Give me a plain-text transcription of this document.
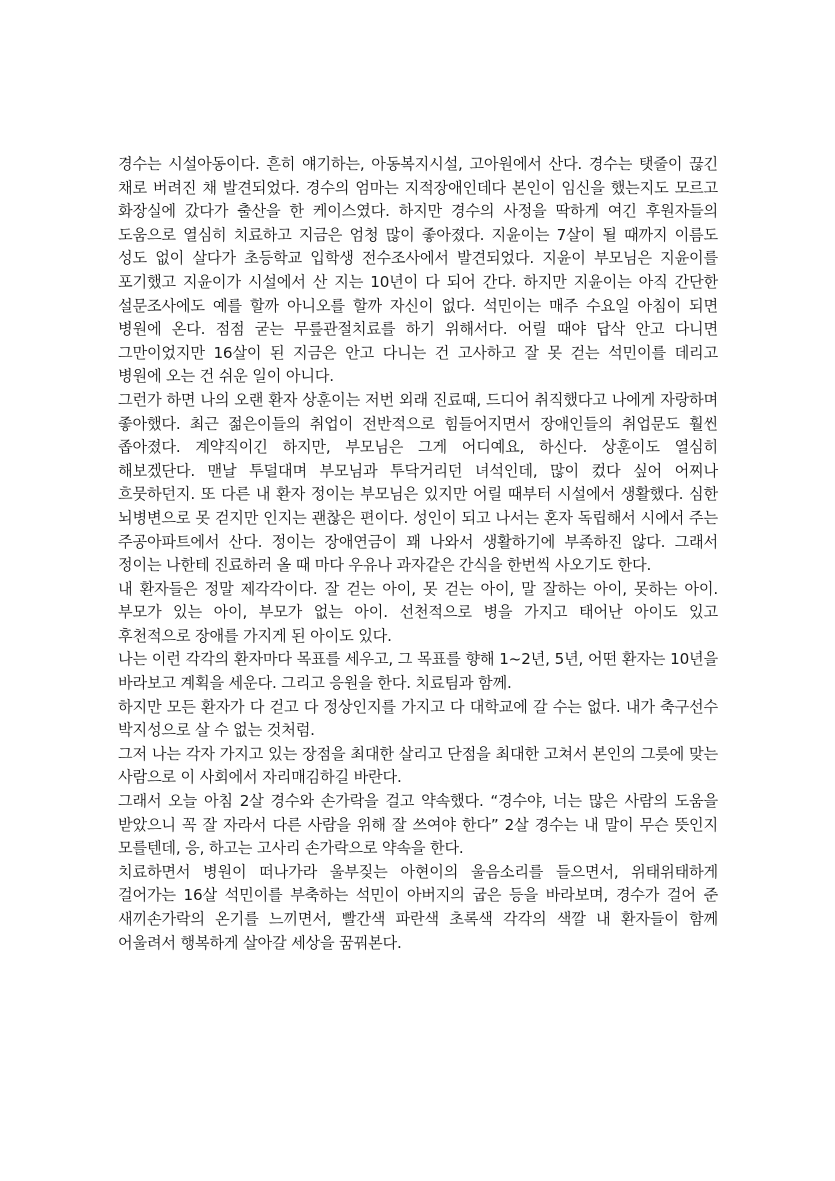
경수는 시설아동이다. 흔히 얘기하는, 아동복지시설, 고아원에서 산다. 경수는 탯줄이 끊긴 채로 버려진 채 발견되었다. 경수의 엄마는 지적장애인데다 본인이 임신을 했는지도 모르고 화장실에 갔다가 출산을 한 케이스였다. 하지만 경수의 사정을 딱하게 여긴 후원자들의 도움으로 열심히 치료하고 지금은 엄청 많이 좋아졌다. 지윤이는 7살이 될 때까지 이름도 성도 없이 살다가 초등학교 입학생 전수조사에서 발견되었다. 지윤이 부모님은 지윤이를 포기했고 지윤이가 시설에서 산 지는 10년이 다 되어 간다. 하지만 지윤이는 아직 간단한 설문조사에도 예를 할까 아니오를 할까 자신이 없다. 석민이는 매주 수요일 아침이 되면 병원에 온다. 점점 굳는 무릎관절치료를 하기 위해서다. 어릴 때야 답삭 안고 다니면 그만이었지만 16살이 된 지금은 안고 다니는 건 고사하고 잘 못 걷는 석민이를 데리고 병원에 오는 건 쉬운 일이 아니다.

그런가 하면 나의 오랜 환자 상훈이는 저번 외래 진료때, 드디어 취직했다고 나에게 자랑하며 좋아했다. 최근 젊은이들의 취업이 전반적으로 힘들어지면서 장애인들의 취업문도 훨씬 좁아졌다. 계약직이긴 하지만, 부모님은 그게 어디예요, 하신다. 상훈이도 열심히 해보겠단다. 맨날 투덜대며 부모님과 투닥거리던 녀석인데, 많이 컸다 싶어 어찌나 흐뭇하던지. 또 다른 내 환자 정이는 부모님은 있지만 어릴 때부터 시설에서 생활했다. 심한 뇌병변으로 못 걷지만 인지는 괜찮은 편이다. 성인이 되고 나서는 혼자 독립해서 시에서 주는 주공아파트에서 산다. 정이는 장애연금이 꽤 나와서 생활하기에 부족하진 않다. 그래서 정이는 나한테 진료하러 올 때 마다 우유나 과자같은 간식을 한번씩 사오기도 한다.

내 환자들은 정말 제각각이다. 잘 걷는 아이, 못 걷는 아이, 말 잘하는 아이, 못하는 아이. 부모가 있는 아이, 부모가 없는 아이. 선천적으로 병을 가지고 태어난 아이도 있고 후천적으로 장애를 가지게 된 아이도 있다.

나는 이런 각각의 환자마다 목표를 세우고, 그 목표를 향해 1~2년, 5년, 어떤 환자는 10년을 바라보고 계획을 세운다. 그리고 응원을 한다. 치료팀과 함께.

하지만 모든 환자가 다 걷고 다 정상인지를 가지고 다 대학교에 갈 수는 없다. 내가 축구선수 박지성으로 살 수 없는 것처럼.

그저 나는 각자 가지고 있는 장점을 최대한 살리고 단점을 최대한 고쳐서 본인의 그릇에 맞는 사람으로 이 사회에서 자리매김하길 바란다.

그래서 오늘 아침 2살 경수와 손가락을 걸고 약속했다. “경수야, 너는 많은 사람의 도움을 받았으니 꼭 잘 자라서 다른 사람을 위해 잘 쓰여야 한다” 2살 경수는 내 말이 무슨 뜻인지 모를텐데, 응, 하고는 고사리 손가락으로 약속을 한다.

치료하면서 병원이 떠나가라 울부짖는 아현이의 울음소리를 들으면서, 위태위태하게 걸어가는 16살 석민이를 부축하는 석민이 아버지의 굽은 등을 바라보며, 경수가 걸어 준 새끼손가락의 온기를 느끼면서, 빨간색 파란색 초록색 각각의 색깔 내 환자들이 함께 어울려서 행복하게 살아갈 세상을 꿈꿔본다.
